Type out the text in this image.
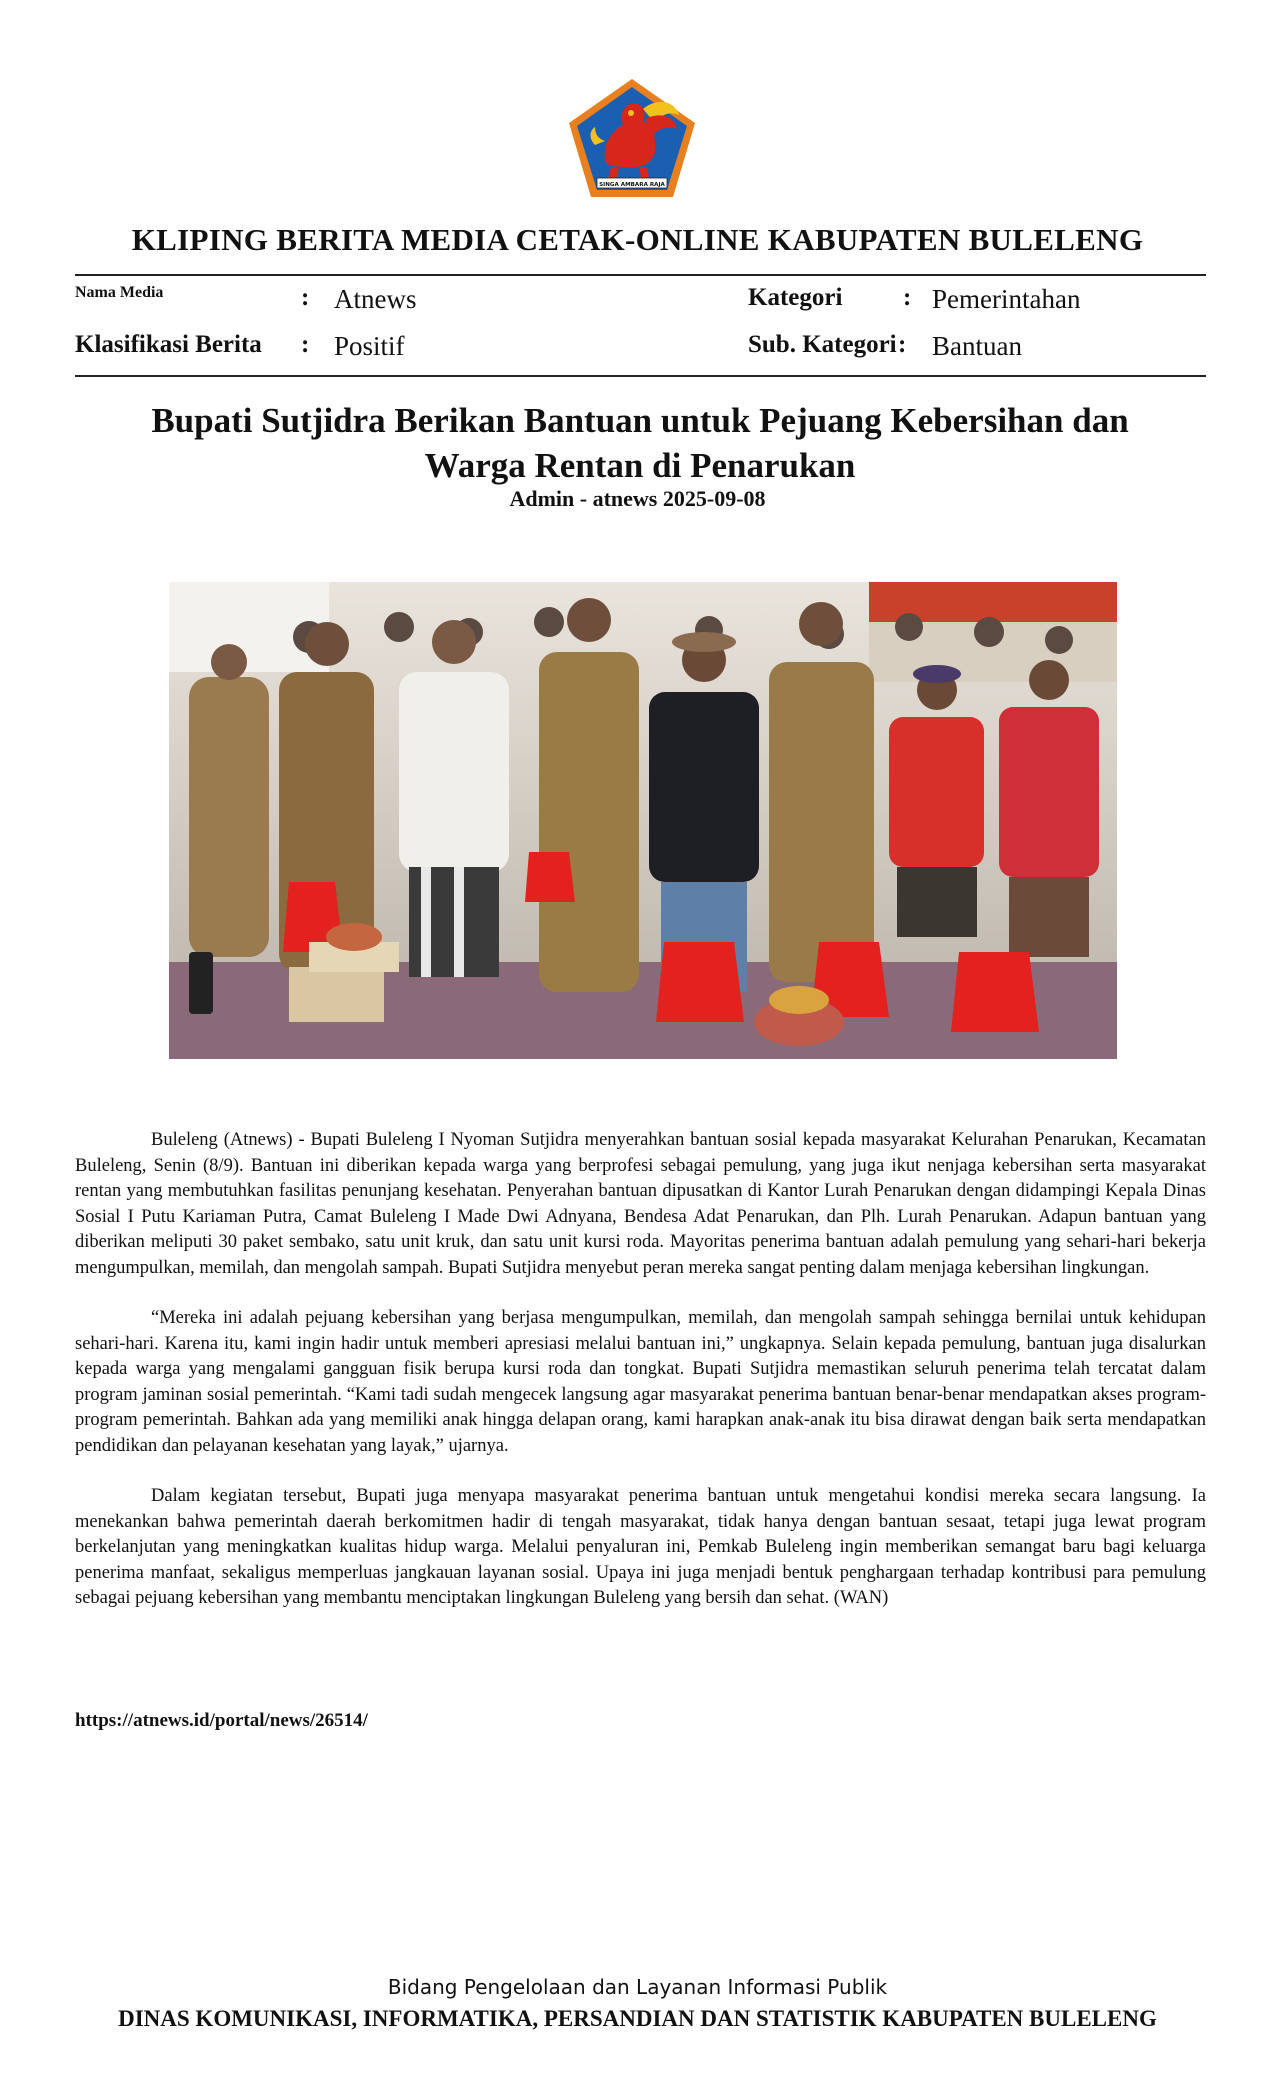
SINGA AMBARA RAJA
KLIPING BERITA MEDIA CETAK-ONLINE KABUPATEN BULELENG
Nama Media	: Atnews	Kategori : Pemerintahan
Klasifikasi Berita : Positif	Sub. Kategori : Bantuan
Bupati Sutjidra Berikan Bantuan untuk Pejuang Kebersihan dan Warga Rentan di Penarukan
Admin - atnews 2025-09-08

Buleleng (Atnews) - Bupati Buleleng I Nyoman Sutjidra menyerahkan bantuan sosial kepada masyarakat Kelurahan Penarukan, Kecamatan Buleleng, Senin (8/9). Bantuan ini diberikan kepada warga yang berprofesi sebagai pemulung, yang juga ikut nenjaga kebersihan serta masyarakat rentan yang membutuhkan fasilitas penunjang kesehatan. Penyerahan bantuan dipusatkan di Kantor Lurah Penarukan dengan didampingi Kepala Dinas Sosial I Putu Kariaman Putra, Camat Buleleng I Made Dwi Adnyana, Bendesa Adat Penarukan, dan Plh. Lurah Penarukan. Adapun bantuan yang diberikan meliputi 30 paket sembako, satu unit kruk, dan satu unit kursi roda. Mayoritas penerima bantuan adalah pemulung yang sehari-hari bekerja mengumpulkan, memilah, dan mengolah sampah. Bupati Sutjidra menyebut peran mereka sangat penting dalam menjaga kebersihan lingkungan.

“Mereka ini adalah pejuang kebersihan yang berjasa mengumpulkan, memilah, dan mengolah sampah sehingga bernilai untuk kehidupan sehari-hari. Karena itu, kami ingin hadir untuk memberi apresiasi melalui bantuan ini,” ungkapnya. Selain kepada pemulung, bantuan juga disalurkan kepada warga yang mengalami gangguan fisik berupa kursi roda dan tongkat. Bupati Sutjidra memastikan seluruh penerima telah tercatat dalam program jaminan sosial pemerintah. “Kami tadi sudah mengecek langsung agar masyarakat penerima bantuan benar-benar mendapatkan akses program-program pemerintah. Bahkan ada yang memiliki anak hingga delapan orang, kami harapkan anak-anak itu bisa dirawat dengan baik serta mendapatkan pendidikan dan pelayanan kesehatan yang layak,” ujarnya.

Dalam kegiatan tersebut, Bupati juga menyapa masyarakat penerima bantuan untuk mengetahui kondisi mereka secara langsung. Ia menekankan bahwa pemerintah daerah berkomitmen hadir di tengah masyarakat, tidak hanya dengan bantuan sesaat, tetapi juga lewat program berkelanjutan yang meningkatkan kualitas hidup warga. Melalui penyaluran ini, Pemkab Buleleng ingin memberikan semangat baru bagi keluarga penerima manfaat, sekaligus memperluas jangkauan layanan sosial. Upaya ini juga menjadi bentuk penghargaan terhadap kontribusi para pemulung sebagai pejuang kebersihan yang membantu menciptakan lingkungan Buleleng yang bersih dan sehat. (WAN)

https://atnews.id/portal/news/26514/
Bidang Pengelolaan dan Layanan Informasi Publik
DINAS KOMUNIKASI, INFORMATIKA, PERSANDIAN DAN STATISTIK KABUPATEN BULELENG
